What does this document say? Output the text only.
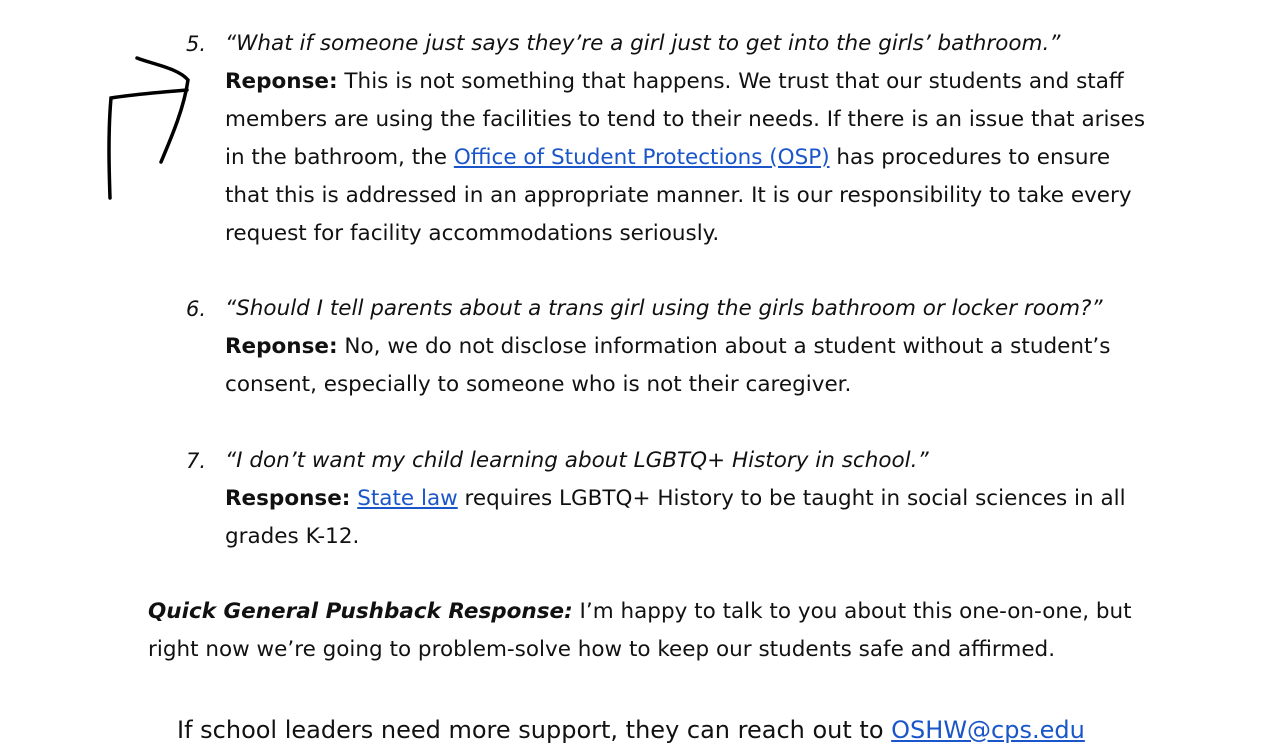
5. “What if someone just says they’re a girl just to get into the girls’ bathroom.”
Reponse: This is not something that happens. We trust that our students and staff members are using the facilities to tend to their needs. If there is an issue that arises in the bathroom, the Office of Student Protections (OSP) has procedures to ensure that this is addressed in an appropriate manner. It is our responsibility to take every request for facility accommodations seriously.
6. “Should I tell parents about a trans girl using the girls bathroom or locker room?”
Reponse: No, we do not disclose information about a student without a student’s consent, especially to someone who is not their caregiver.
7. “I don’t want my child learning about LGBTQ+ History in school.”
Response: State law requires LGBTQ+ History to be taught in social sciences in all grades K-12.
Quick General Pushback Response: I’m happy to talk to you about this one-on-one, but right now we’re going to problem-solve how to keep our students safe and affirmed.
If school leaders need more support, they can reach out to OSHW@cps.edu
